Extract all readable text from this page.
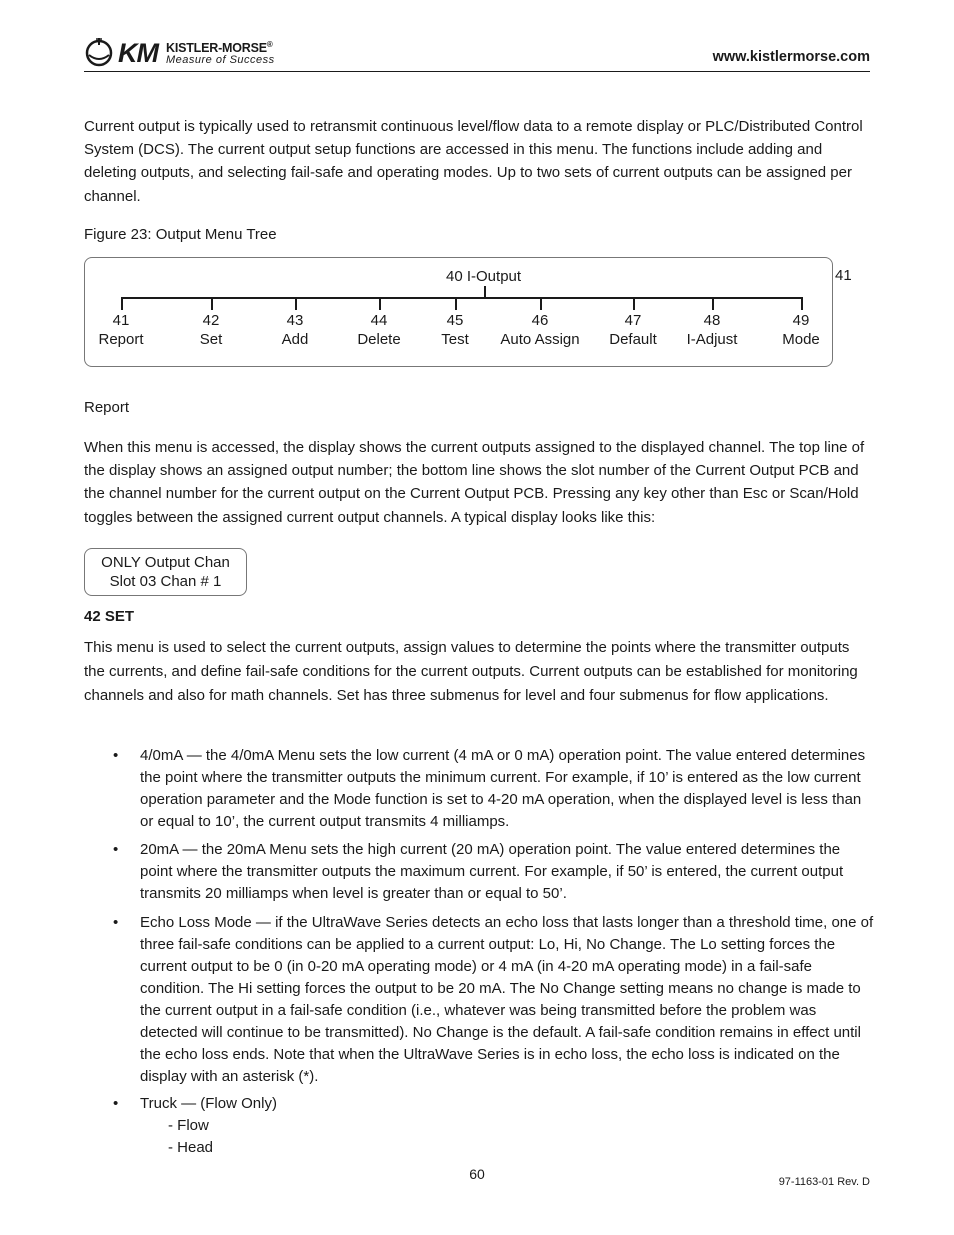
KM KISTLER-MORSE®
Measure of Success	www.kistlermorse.com
Current output is typically used to retransmit continuous level/flow data to a remote display or PLC/Distributed Control System (DCS). The current output setup functions are accessed in this menu. The functions include adding and deleting outputs, and selecting fail-safe and operating modes. Up to two sets of current outputs can be assigned per channel.
Figure 23: Output Menu Tree
40 I-Output	41
41
Report
42
Set
43
Add
44
Delete
45
Test
46
Auto Assign
47
Default
48
I-Adjust
49
Mode
Report
When this menu is accessed, the display shows the current outputs assigned to the displayed channel. The top line of the display shows an assigned output number; the bottom line shows the slot number of the Current Output PCB and the channel number for the current output on the Current Output PCB. Pressing any key other than Esc or Scan/Hold toggles between the assigned current output channels. A typical display looks like this:
ONLY Output Chan
Slot 03 Chan # 1
42 SET
This menu is used to select the current outputs, assign values to determine the points where the transmitter outputs the currents, and define fail-safe conditions for the current outputs. Current outputs can be established for monitoring channels and also for math channels. Set has three submenus for level and four submenus for flow applications.
• 4/0mA — the 4/0mA Menu sets the low current (4 mA or 0 mA) operation point. The value entered determines the point where the transmitter outputs the minimum current. For example, if 10’ is entered as the low current operation parameter and the Mode function is set to 4-20 mA operation, when the displayed level is less than or equal to 10’, the current output transmits 4 milliamps.
• 20mA — the 20mA Menu sets the high current (20 mA) operation point. The value entered determines the point where the transmitter outputs the maximum current. For example, if 50’ is entered, the current output transmits 20 milliamps when level is greater than or equal to 50’.
• Echo Loss Mode — if the UltraWave Series detects an echo loss that lasts longer than a threshold time, one of three fail-safe conditions can be applied to a current output: Lo, Hi, No Change. The Lo setting forces the current output to be 0 (in 0-20 mA operating mode) or 4 mA (in 4-20 mA operating mode) in a fail-safe condition. The Hi setting forces the output to be 20 mA. The No Change setting means no change is made to the current output in a fail-safe condition (i.e., whatever was being transmitted before the problem was detected will continue to be transmitted). No Change is the default. A fail-safe condition remains in effect until the echo loss ends. Note that when the UltraWave Series is in echo loss, the echo loss is indicated on the display with an asterisk (*).
• Truck — (Flow Only)
- Flow
- Head
60	97-1163-01 Rev. D
